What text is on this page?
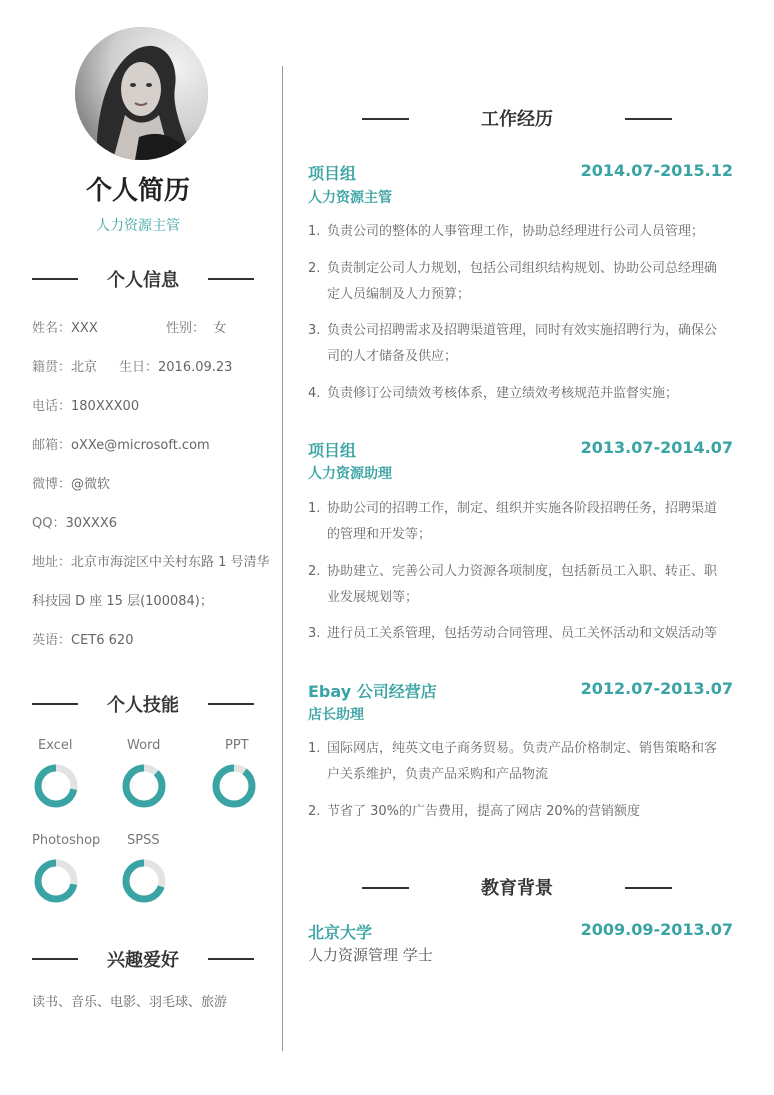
个人简历
人力资源主管
个人信息
姓名：XXX	性别： 女
籍贯：北京 生日：2016.09.23
电话：180XXX00
邮箱：oXXe@microsoft.com
微博：@微软
QQ：30XXX6
地址：北京市海淀区中关村东路 1 号清华
科技园 D 座 15 层(100084)；
英语：CET6 620
个人技能
Excel	Word	PPT
Photoshop SPSS
兴趣爱好
读书、音乐、电影、羽毛球、旅游
工作经历
项目组	2014.07-2015.12
人力资源主管
1. 负责公司的整体的人事管理工作，协助总经理进行公司人员管理；
2. 负责制定公司人力规划，包括公司组织结构规划、协助公司总经理确定人员编制及人力预算；
3. 负责公司招聘需求及招聘渠道管理，同时有效实施招聘行为，确保公司的人才储备及供应；
4. 负责修订公司绩效考核体系，建立绩效考核规范并监督实施；
项目组	2013.07-2014.07
人力资源助理
1. 协助公司的招聘工作，制定、组织并实施各阶段招聘任务，招聘渠道的管理和开发等；
2. 协助建立、完善公司人力资源各项制度，包括新员工入职、转正、职业发展规划等；
3. 进行员工关系管理，包括劳动合同管理、员工关怀活动和文娱活动等
Ebay 公司经营店	2012.07-2013.07
店长助理
1. 国际网店，纯英文电子商务贸易。负责产品价格制定、销售策略和客户关系维护，负责产品采购和产品物流
2. 节省了 30%的广告费用，提高了网店 20%的营销额度
教育背景
北京大学	2009.09-2013.07
人力资源管理 学士
